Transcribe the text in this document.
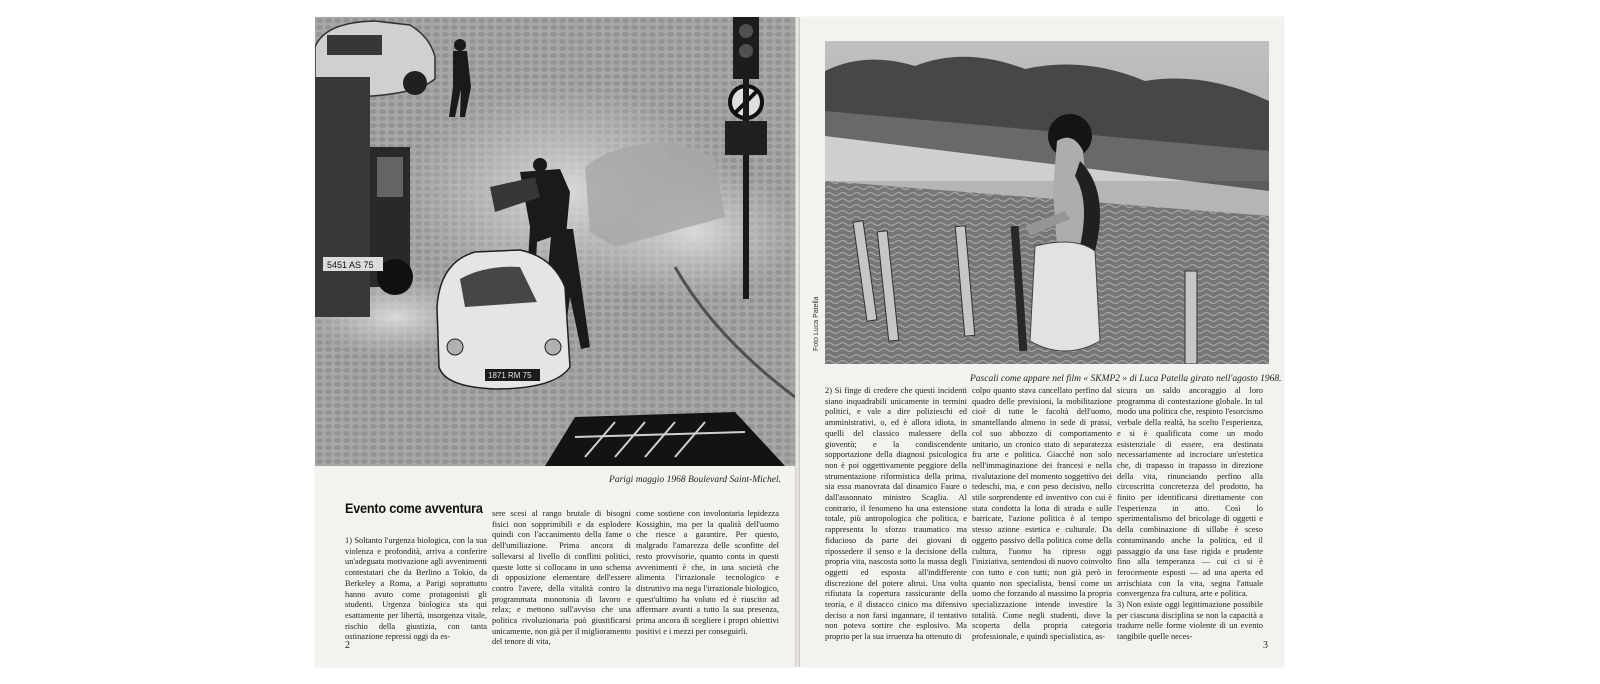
5451 AS 75
1871 RM 75
Parigi maggio 1968 Boulevard Saint-Michel.
Evento come avventura

1) Soltanto l'urgenza biologica, con la sua violenza e profondità, arriva a conferire un'adeguata motivazione agli avvenimenti contestatari che da Berlino a Tokio, da Berkeley a Roma, a Parigi soprattutto hanno avuto come protagonisti gli studenti. Urgenza biologica sta qui esattamente per libertà, insorgenza vitale, rischio della giustizia, con tanta ostinazione repressi oggi da es-

sere scesi al rango brutale di bisogni fisici non sopprimibili e da esplodere quindi con l'accanimento della fame o dell'umiliazione. Prima ancora di sollevarsi al livello di conflitti politici, queste lotte si collocano in uno schema di opposizione elementare dell'essere contro l'avere, della vitalità contro la programmata monotonia di lavoro e relax; e mettono sull'avviso che una politica rivoluzionaria può giustificarsi unicamente, non già per il miglioramento del tenore di vita,

come sostiene con involontaria lepidezza Kossighin, ma per la qualità dell'uomo che riesce a garantire. Per questo, malgrado l'amarezza delle sconfitte del resto provvisorie, quanto conta in questi avvenimenti è che, in una società che alimenta l'irrazionale tecnologico e distruttivo ma nega l'irrazionale biologico, quest'ultimo ha voluto ed è riuscito ad affermare avanti a tutto la sua presenza, prima ancora di scegliere i propri obiettivi positivi e i mezzi per conseguirli.

2
Foto Luca Patella
Pascali come appare nel film « SKMP2 » di Luca Patella girato nell'agosto 1968.

2) Si finge di credere che questi incidenti siano inquadrabili unicamente in termini politici, e vale a dire polizieschi ed amministrativi, o, ed è allora idiota, in quelli del classico malessere della gioventù; e la condiscendente sopportazione della diagnosi psicologica non è poi oggettivamente peggiore della strumentazione riformistica della prima, sia essa manovrata dal dinamico Faure o dall'assonnato ministro Scaglia. Al contrario, il fenomeno ha una estensione totale, più antropologica che politica, e rappresenta lo sforzo traumatico ma fiducioso da parte dei giovani di ripossedere il senso e la decisione della propria vita, nascosta sotto la massa degli oggetti ed esposta all'indifferente discrezione del potere altrui. Una volta rifiutata la copertura rassicurante della teoria, e il distacco cinico ma difensivo deciso a non farsi ingannare, il tentativo non poteva sortire che esplosivo. Ma proprio per la sua irruenza ha ottenuto di

colpo quanto stava cancellato perfino dal quadro delle previsioni, la mobilitazione cioè di tutte le facoltà dell'uomo, smantellando almeno in sede di prassi, col suo abbozzo di comportamento unitario, un cronico stato di separatezza fra arte e politica. Giacché non solo nell'immaginazione dei francesi e nella rivalutazione del momento soggettivo dei tedeschi, ma, e con peso decisivo, nello stile sorprendente ed inventivo con cui è stata condotta la lotta di strada e sulle barricate, l'azione politica è al tempo stesso azione estetica e culturale. Da oggetto passivo della politica come della cultura, l'uomo ha ripreso oggi l'iniziativa, sentendosi di nuovo coinvolto con tutto e con tutti; non già però in quanto non specialista, bensì come un uomo che forzando al massimo la propria specializzazione intende investire la totalità. Come negli studenti, dove la scoperta della propria categoria professionale, e quindi specialistica, as-

sicura un saldo ancoraggio al loro programma di contestazione globale. In tal modo una politica che, respinto l'esorcismo verbale della realtà, ha scelto l'esperienza, e si è qualificata come un modo esistenziale di essere, era destinata necessariamente ad incrociare un'estetica che, di trapasso in trapasso in direzione della vita, rinunciando perfino alla circoscritta concretezza del prodotto, ha finito per identificarsi direttamente con l'esperienza in atto. Così lo sperimentalismo del bricolage di oggetti e della combinazione di sillabe è sceso contaminando anche la politica, ed il passaggio da una fase rigida e prudente fino alla temperanza — cui ci si è ferocemente esposti — ad una aperta ed arrischiata con la vita, segna l'attuale convergenza fra cultura, arte e politica.
3) Non esiste oggi legittimazione possibile per ciascuna disciplina se non la capacità a tradurre nelle forme violente di un evento tangibile quelle neces-

3
